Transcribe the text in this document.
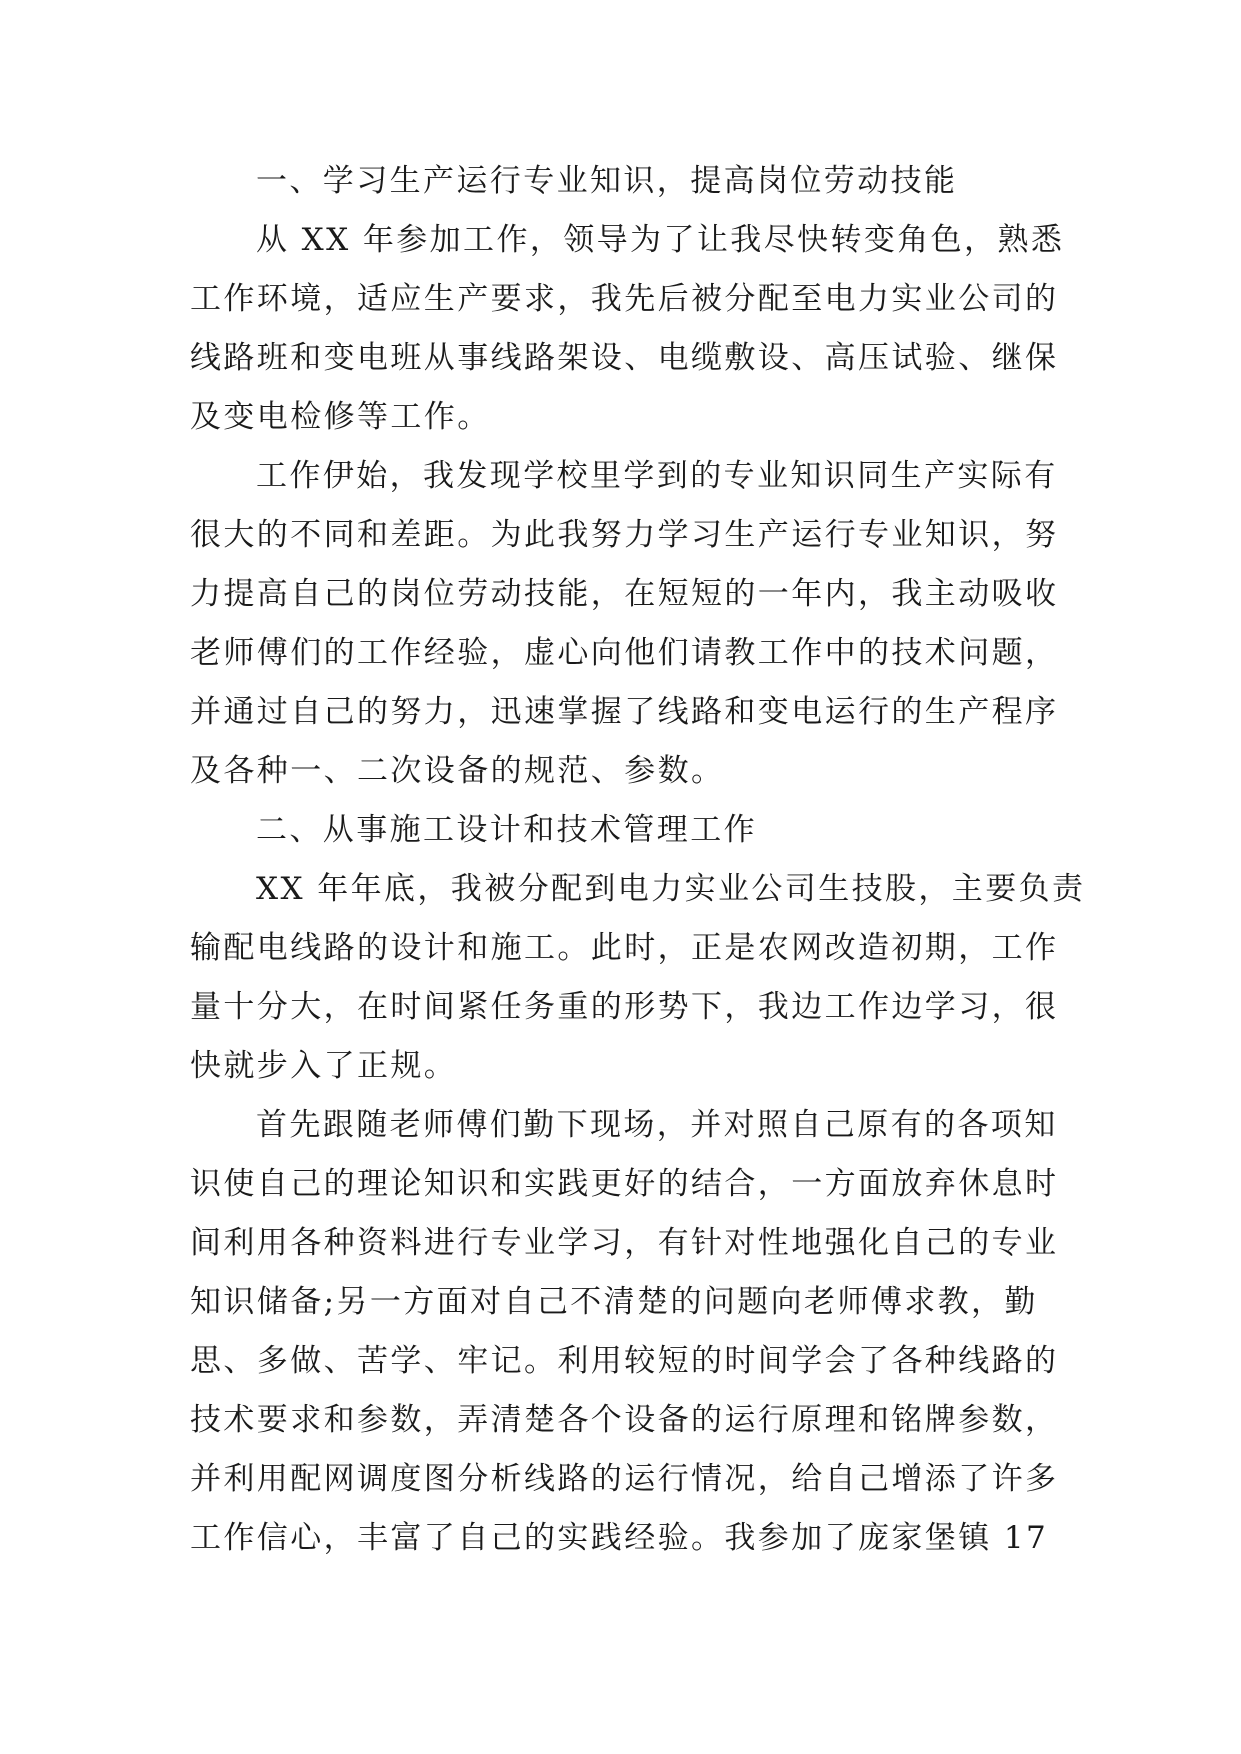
一、学习生产运行专业知识，提高岗位劳动技能
从 XX 年参加工作，领导为了让我尽快转变角色，熟悉
工作环境，适应生产要求，我先后被分配至电力实业公司的
线路班和变电班从事线路架设、电缆敷设、高压试验、继保
及变电检修等工作。
工作伊始，我发现学校里学到的专业知识同生产实际有
很大的不同和差距。为此我努力学习生产运行专业知识，努
力提高自己的岗位劳动技能，在短短的一年内，我主动吸收
老师傅们的工作经验，虚心向他们请教工作中的技术问题，
并通过自己的努力，迅速掌握了线路和变电运行的生产程序
及各种一、二次设备的规范、参数。
二、从事施工设计和技术管理工作
XX 年年底，我被分配到电力实业公司生技股，主要负责
输配电线路的设计和施工。此时，正是农网改造初期，工作
量十分大，在时间紧任务重的形势下，我边工作边学习，很
快就步入了正规。
首先跟随老师傅们勤下现场，并对照自己原有的各项知
识使自己的理论知识和实践更好的结合，一方面放弃休息时
间利用各种资料进行专业学习，有针对性地强化自己的专业
知识储备;另一方面对自己不清楚的问题向老师傅求教，勤
思、多做、苦学、牢记。利用较短的时间学会了各种线路的
技术要求和参数，弄清楚各个设备的运行原理和铭牌参数，
并利用配网调度图分析线路的运行情况，给自己增添了许多
工作信心，丰富了自己的实践经验。我参加了庞家堡镇 17
